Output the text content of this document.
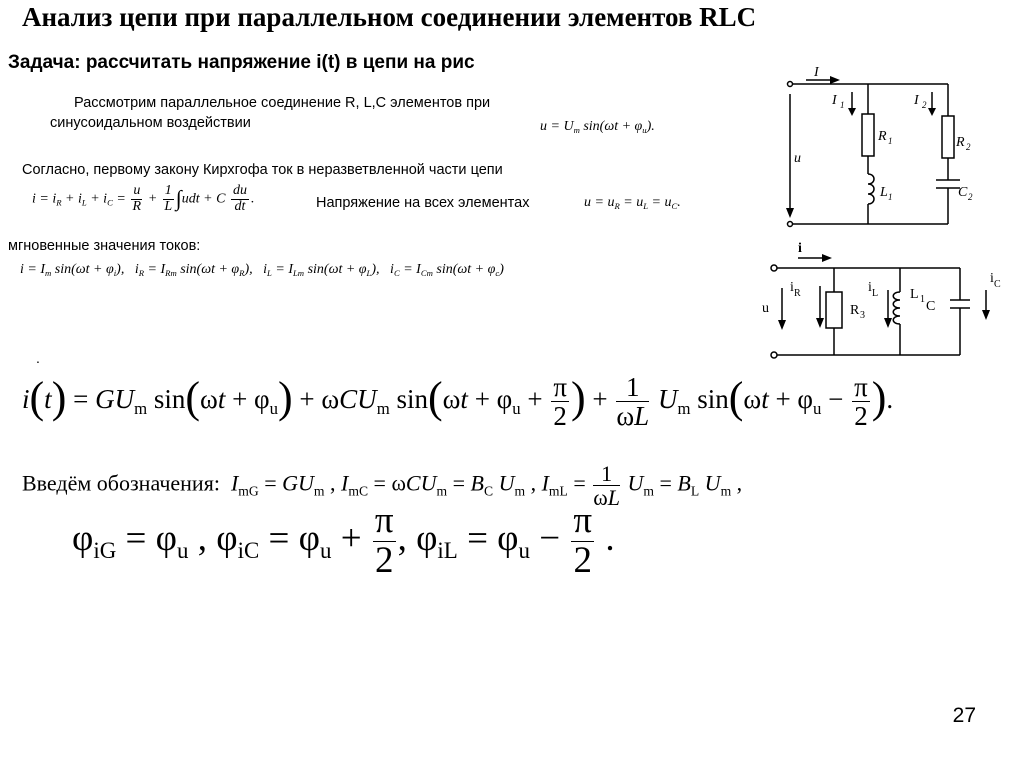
Анализ цепи при параллельном соединении элементов RLC
Задача: рассчитать напряжение i(t) в цепи на рис
Рассмотрим параллельное соединение R, L,C элементов при
синусоидальном воздействии	$u = U_m$ $\sin(\omega t + \varphi_u)$.
Согласно, первому закону Кирхгофа ток в неразветвленной части цепи
$i = i_R + i_L + i_C = \frac{u}{R} + \frac{1}{L} \int udt + C \frac{du}{dt}$ .	Напряжение на всех элементах	$u = u_R = u_L = u_C$.
мгновенные значения токов:
$i = I_m$ $\sin(\omega t + \varphi_i)$,   $i_R = I_{Rm}$ $\sin(\omega t + \varphi_R)$,   $i_L = I_{Lm}$ $\sin(\omega t + \varphi_L)$,   $i_C = I_{Cm}$ $\sin(\omega t + \varphi_c)$
.
$i(t) = GU_m$ $\sin(\omega t + \varphi_u) + \omega CU_m$ $\sin(\omega t + \varphi_u + \frac{\pi}{2}$ ) + $\frac{1}{\omega L} U_m$ $\sin(\omega t + \varphi_u - \frac{\pi}{2}$ ).
Введём обозначения: $I_{mG} = GU_m$ , $I_{mC} = \omega CU_m = B_C$ $U_m$ , $I_{mL} = \frac{1}{\omega L} U_m = B_L$ $U_m$ ,
$\varphi_{iG} = \varphi_u$ , $\varphi_{iC} = \varphi_u + \frac{\pi}{2}$ , $\varphi_{iL} = \varphi_u - \frac{\pi}{2}$ .
I
I 1	I 2
R 1	R 2
L 1	C 2
u
i
i R
R 3
i L L 1 C
i C
u
27
